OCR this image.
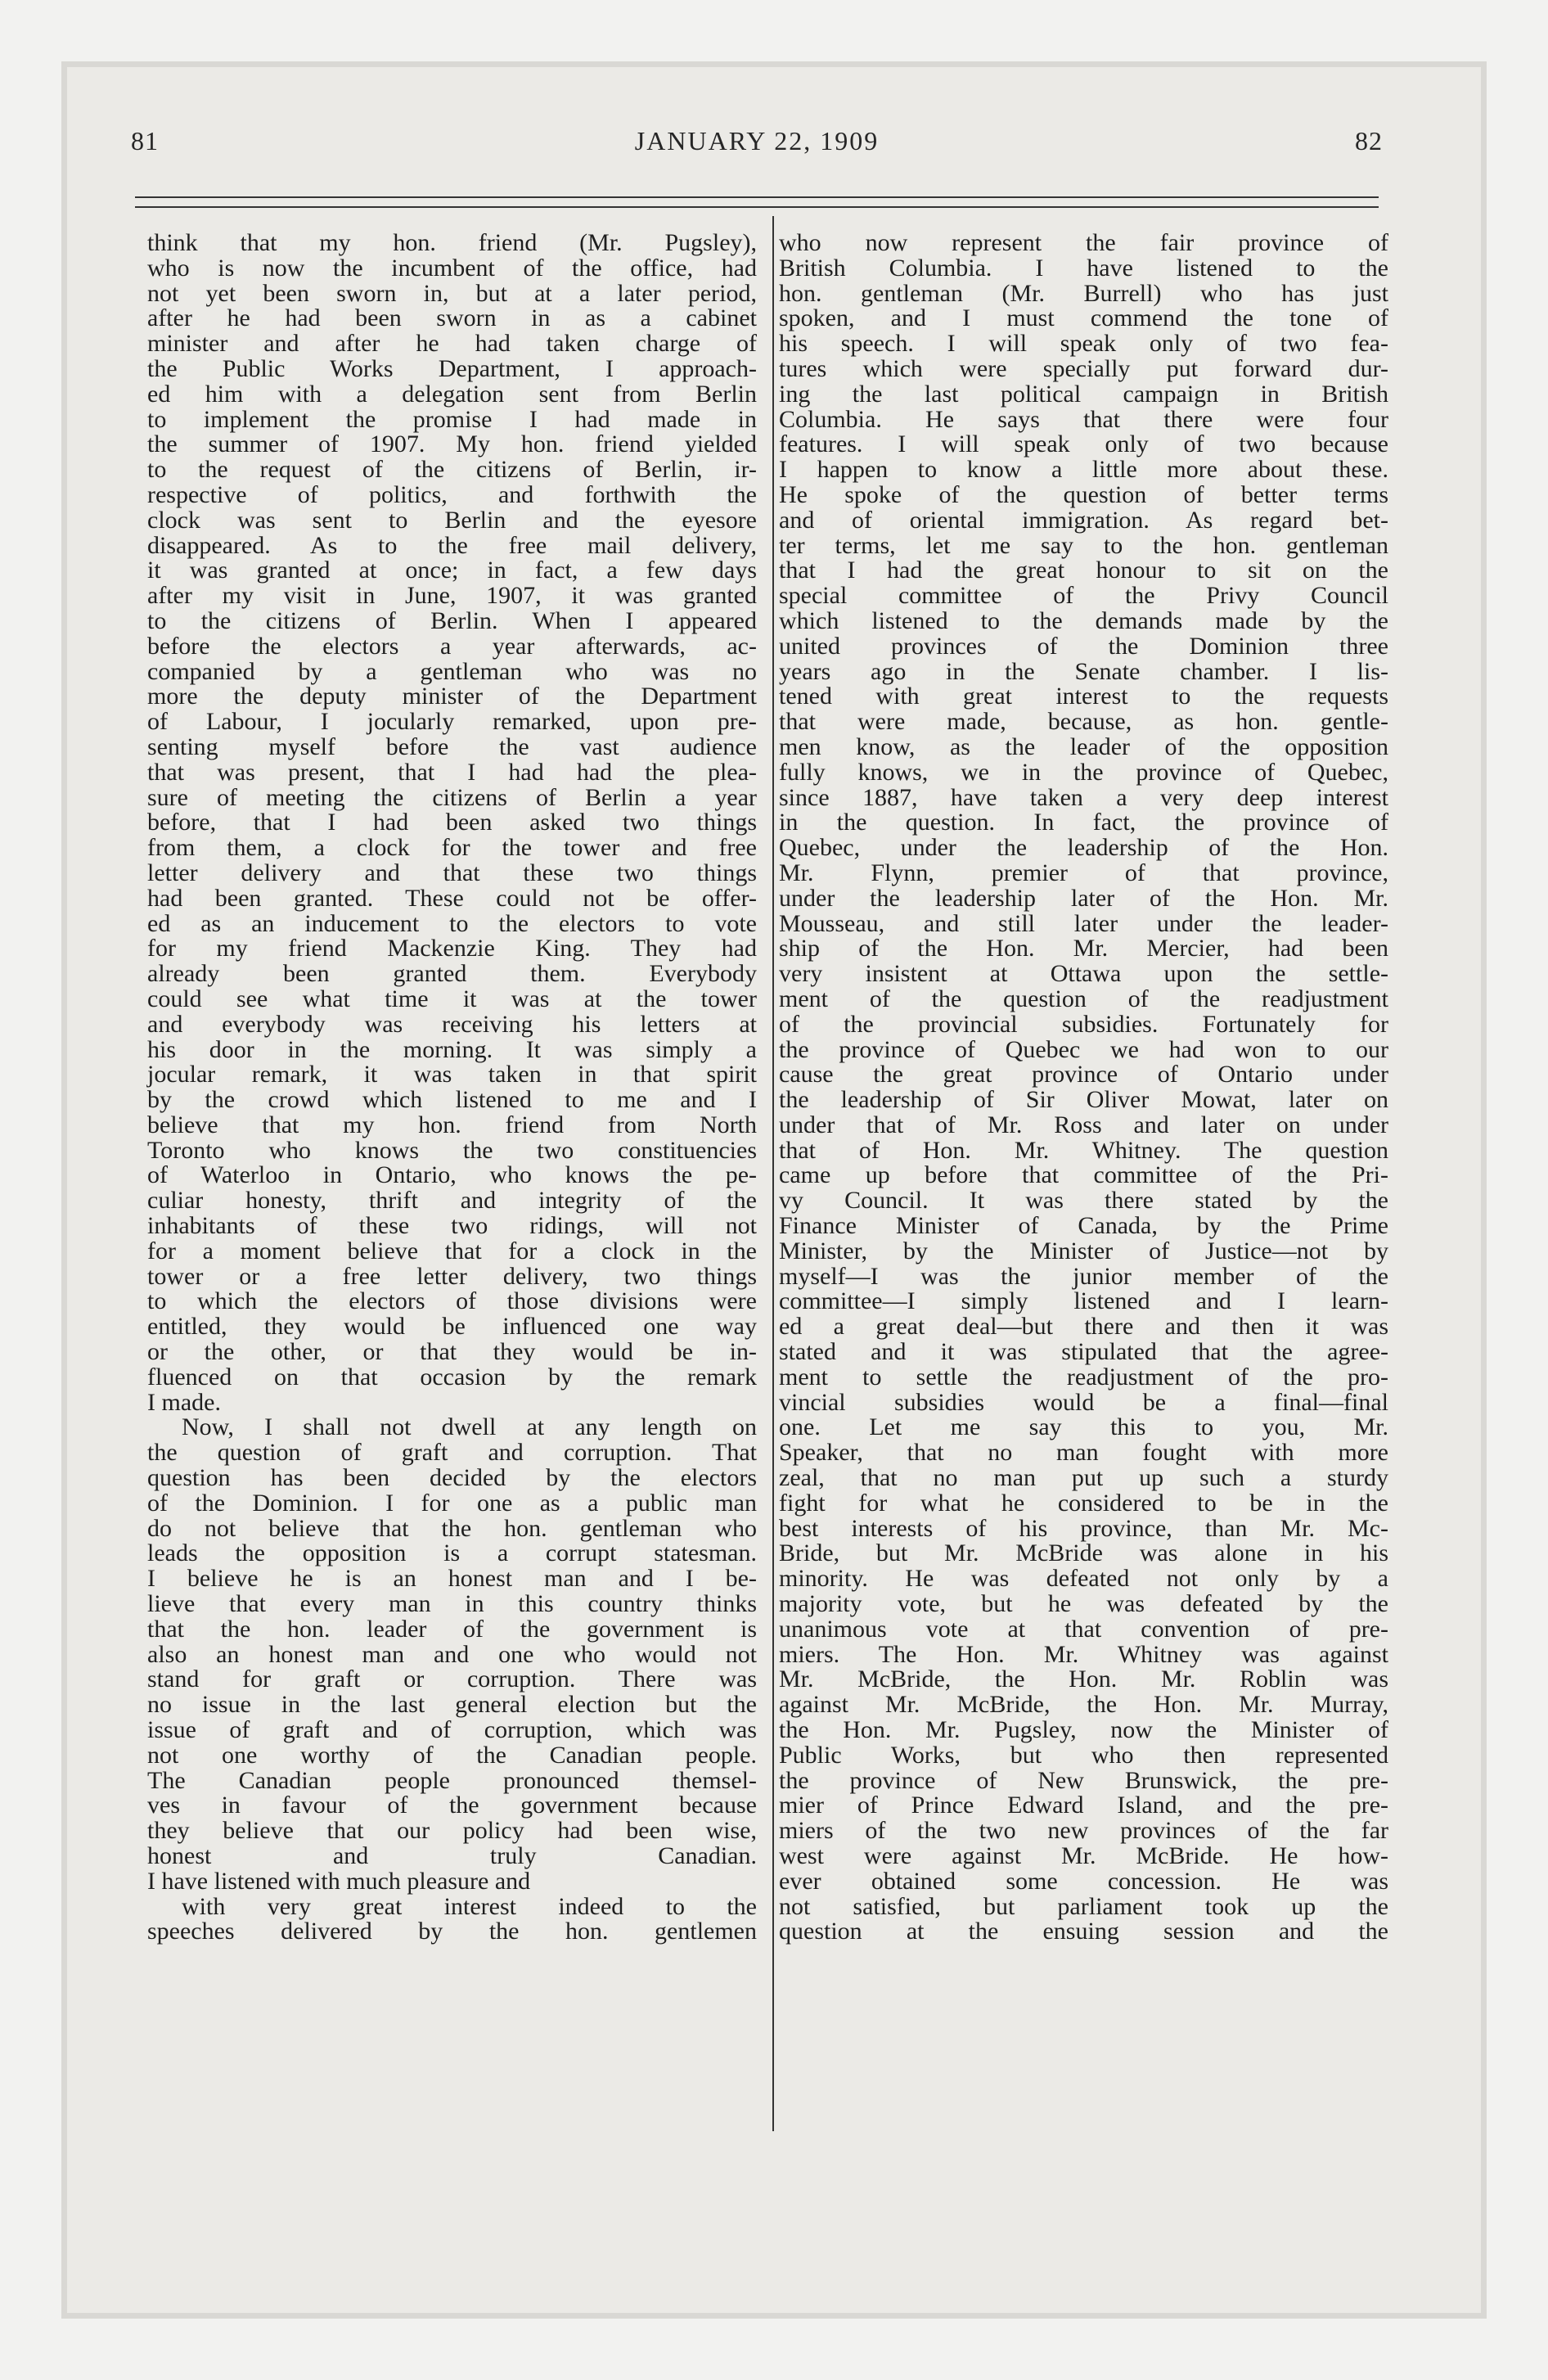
81	JANUARY 22, 1909	82
think that my hon. friend (Mr. Pugsley),
who is now the incumbent of the office, had
not yet been sworn in, but at a later period,
after he had been sworn in as a cabinet
minister and after he had taken charge of
the Public Works Department, I approach-
ed him with a delegation sent from Berlin
to implement the promise I had made in
the summer of 1907. My hon. friend yielded
to the request of the citizens of Berlin, ir-
respective of politics, and forthwith the
clock was sent to Berlin and the eyesore
disappeared. As to the free mail delivery,
it was granted at once; in fact, a few days
after my visit in June, 1907, it was granted
to the citizens of Berlin. When I appeared
before the electors a year afterwards, ac-
companied by a gentleman who was no
more the deputy minister of the Department
of Labour, I jocularly remarked, upon pre-
senting myself before the vast audience
that was present, that I had had the plea-
sure of meeting the citizens of Berlin a year
before, that I had been asked two things
from them, a clock for the tower and free
letter delivery and that these two things
had been granted. These could not be offer-
ed as an inducement to the electors to vote
for my friend Mackenzie King. They had
already been granted them. Everybody
could see what time it was at the tower
and everybody was receiving his letters at
his door in the morning. It was simply a
jocular remark, it was taken in that spirit
by the crowd which listened to me and I
believe that my hon. friend from North
Toronto who knows the two constituencies
of Waterloo in Ontario, who knows the pe-
culiar honesty, thrift and integrity of the
inhabitants of these two ridings, will not
for a moment believe that for a clock in the
tower or a free letter delivery, two things
to which the electors of those divisions were
entitled, they would be influenced one way
or the other, or that they would be in-
fluenced on that occasion by the remark
I made.
Now, I shall not dwell at any length on
the question of graft and corruption. That
question has been decided by the electors
of the Dominion. I for one as a public man
do not believe that the hon. gentleman who
leads the opposition is a corrupt statesman.
I believe he is an honest man and I be-
lieve that every man in this country thinks
that the hon. leader of the government is
also an honest man and one who would not
stand for graft or corruption. There was
no issue in the last general election but the
issue of graft and of corruption, which was
not one worthy of the Canadian people.
The Canadian people pronounced themsel-
ves in favour of the government because
they believe that our policy had been wise,
honest and truly Canadian.
I have listened with much pleasure and
with very great interest indeed to the
speeches delivered by the hon. gentlemen
who now represent the fair province of
British Columbia. I have listened to the
hon. gentleman (Mr. Burrell) who has just
spoken, and I must commend the tone of
his speech. I will speak only of two fea-
tures which were specially put forward dur-
ing the last political campaign in British
Columbia. He says that there were four
features. I will speak only of two because
I happen to know a little more about these.
He spoke of the question of better terms
and of oriental immigration. As regard bet-
ter terms, let me say to the hon. gentleman
that I had the great honour to sit on the
special committee of the Privy Council
which listened to the demands made by the
united provinces of the Dominion three
years ago in the Senate chamber. I lis-
tened with great interest to the requests
that were made, because, as hon. gentle-
men know, as the leader of the opposition
fully knows, we in the province of Quebec,
since 1887, have taken a very deep interest
in the question. In fact, the province of
Quebec, under the leadership of the Hon.
Mr. Flynn, premier of that province,
under the leadership later of the Hon. Mr.
Mousseau, and still later under the leader-
ship of the Hon. Mr. Mercier, had been
very insistent at Ottawa upon the settle-
ment of the question of the readjustment
of the provincial subsidies. Fortunately for
the province of Quebec we had won to our
cause the great province of Ontario under
the leadership of Sir Oliver Mowat, later on
under that of Mr. Ross and later on under
that of Hon. Mr. Whitney. The question
came up before that committee of the Pri-
vy Council. It was there stated by the
Finance Minister of Canada, by the Prime
Minister, by the Minister of Justice—not by
myself—I was the junior member of the
committee—I simply listened and I learn-
ed a great deal—but there and then it was
stated and it was stipulated that the agree-
ment to settle the readjustment of the pro-
vincial subsidies would be a final—final
one. Let me say this to you, Mr.
Speaker, that no man fought with more
zeal, that no man put up such a sturdy
fight for what he considered to be in the
best interests of his province, than Mr. Mc-
Bride, but Mr. McBride was alone in his
minority. He was defeated not only by a
majority vote, but he was defeated by the
unanimous vote at that convention of pre-
miers. The Hon. Mr. Whitney was against
Mr. McBride, the Hon. Mr. Roblin was
against Mr. McBride, the Hon. Mr. Murray,
the Hon. Mr. Pugsley, now the Minister of
Public Works, but who then represented
the province of New Brunswick, the pre-
mier of Prince Edward Island, and the pre-
miers of the two new provinces of the far
west were against Mr. McBride. He how-
ever obtained some concession. He was
not satisfied, but parliament took up the
question at the ensuing session and the
